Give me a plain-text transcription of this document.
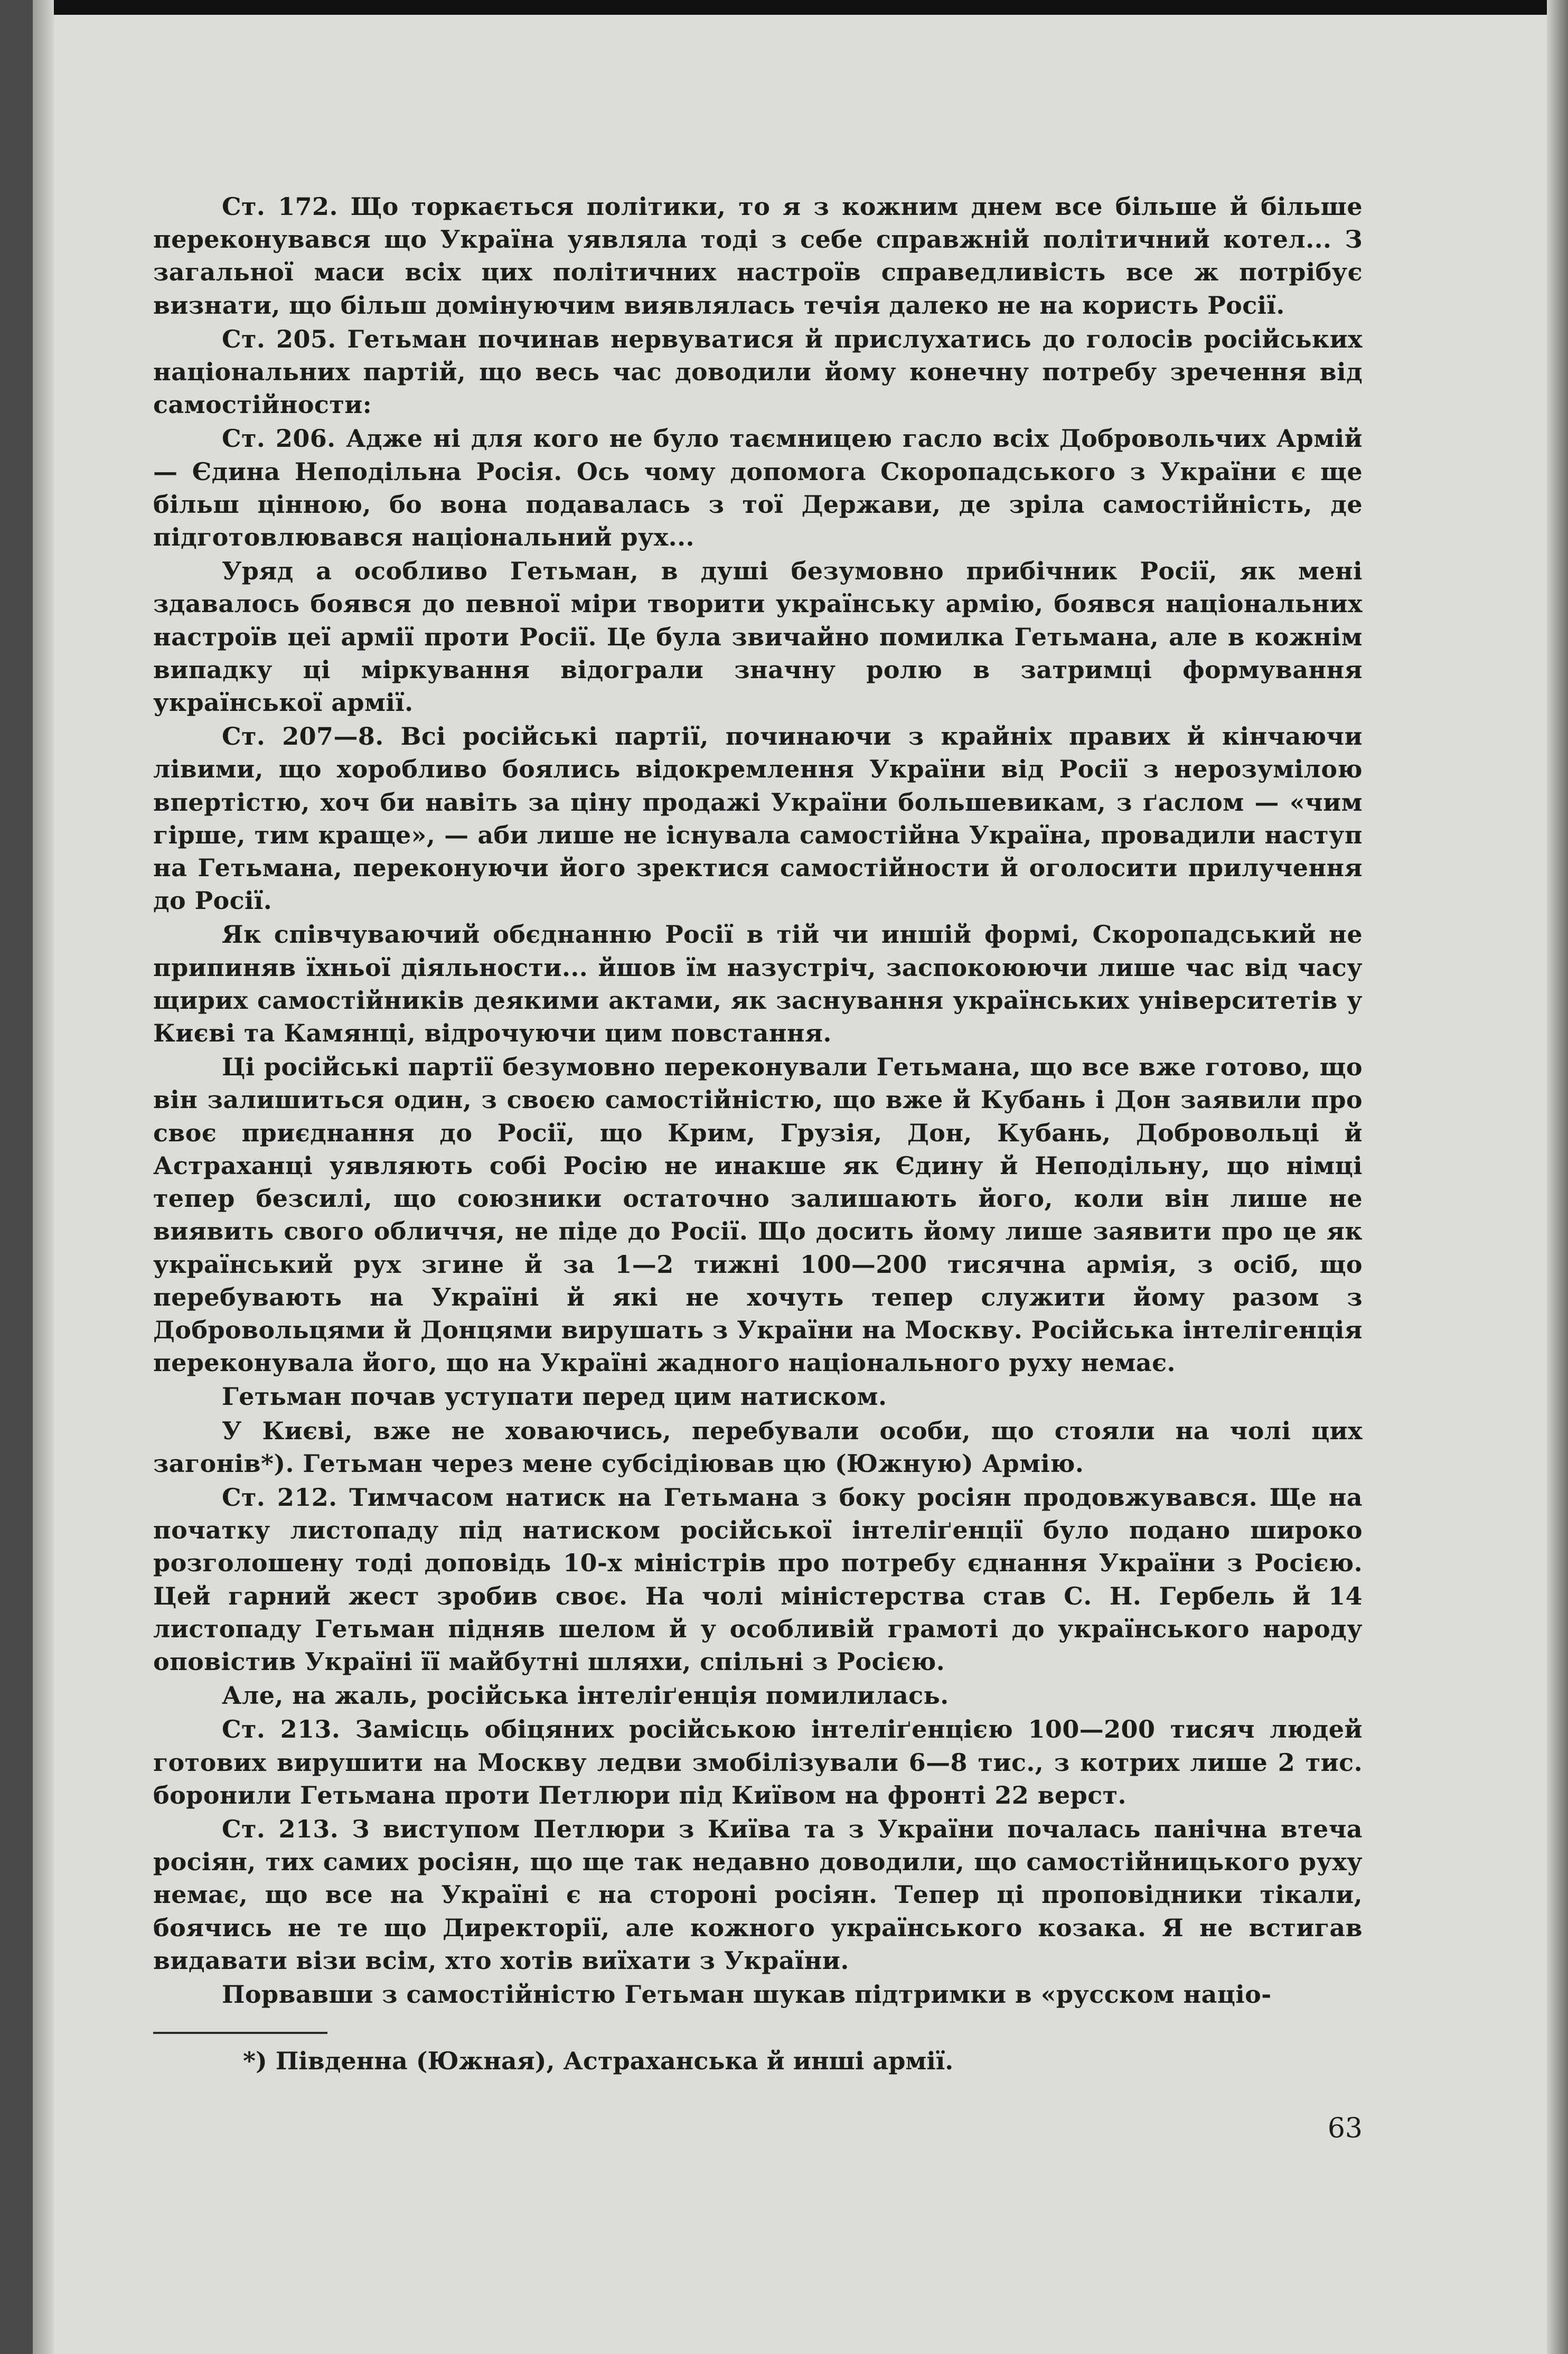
Ст. 172. Що торкається політики, то я з кожним днем все більше й більше переконувався що Україна уявляла тоді з себе справжній політичний котел... З загальної маси всіх цих політичних настроїв справедливість все ж потрібує визнати, що більш домінуючим виявлялась течія далеко не на користь Росії.

Ст. 205. Гетьман починав нервуватися й прислухатись до голосів російських національних партій, що весь час доводили йому конечну потребу зречення від самостійности:

Ст. 206. Адже ні для кого не було таємницею гасло всіх Добровольчих Армій — Єдина Неподільна Росія. Ось чому допомога Скоропадського з України є ще більш цінною, бо вона подавалась з тої Держави, де зріла самостійність, де підготовлювався національний рух...

Уряд а особливо Гетьман, в душі безумовно прибічник Росії, як мені здавалось боявся до певної міри творити українську армію, боявся національних настроїв цеї армії проти Росії. Це була звичайно помилка Гетьмана, але в кожнім випадку ці міркування відограли значну ролю в затримці формування української армії.

Ст. 207—8. Всі російські партії, починаючи з крайніх правих й кінчаючи лівими, що хоробливо боялись відокремлення України від Росії з нерозумілою впертістю, хоч би навіть за ціну продажі України большевикам, з ґаслом — «чим гірше, тим краще», — аби лише не існувала самостійна Україна, провадили наступ на Гетьмана, переконуючи його зректися самостійности й оголосити прилучення до Росії.

Як співчуваючий обєднанню Росії в тій чи иншій формі, Скоропадський не припиняв їхньої діяльности... йшов їм назустріч, заспокоюючи лише час від часу щирих самостійників деякими актами, як заснування українських університетів у Києві та Камянці, відрочуючи цим повстання.

Ці російські партії безумовно переконували Гетьмана, що все вже готово, що він залишиться один, з своєю самостійністю, що вже й Кубань і Дон заявили про своє приєднання до Росії, що Крим, Грузія, Дон, Кубань, Добровольці й Астраханці уявляють собі Росію не инакше як Єдину й Неподільну, що німці тепер безсилі, що союзники остаточно залишають його, коли він лише не виявить свого обличчя, не піде до Росії. Що досить йому лише заявити про це як український рух згине й за 1—2 тижні 100—200 тисячна армія, з осіб, що перебувають на Україні й які не хочуть тепер служити йому разом з Добровольцями й Донцями вирушать з України на Москву. Російська інтелігенція переконувала його, що на Україні жадного національного руху немає.

Гетьман почав уступати перед цим натиском.

У Києві, вже не ховаючись, перебували особи, що стояли на чолі цих загонів*). Гетьман через мене субсідіював цю (Южную) Армію.

Ст. 212. Тимчасом натиск на Гетьмана з боку росіян продовжувався. Ще на початку листопаду під натиском російської інтеліґенції було подано широко розголошену тоді доповідь 10-х міністрів про потребу єднання України з Росією. Цей гарний жест зробив своє. На чолі міністерства став С. Н. Гербель й 14 листопаду Гетьман підняв шелом й у особливій грамоті до українського народу оповістив Україні її майбутні шляхи, спільні з Росією.

Але, на жаль, російська інтеліґенція помилилась.

Ст. 213. Замісць обіцяних російською інтеліґенцією 100—200 тисяч людей готових вирушити на Москву ледви змобілізували 6—8 тис., з котрих лише 2 тис. боронили Гетьмана проти Петлюри під Київом на фронті 22 верст.

Ст. 213. З виступом Петлюри з Київа та з України почалась панічна втеча росіян, тих самих росіян, що ще так недавно доводили, що самостійницького руху немає, що все на Україні є на стороні росіян. Тепер ці проповідники тікали, боячись не те що Директорії, але кожного українського козака. Я не встигав видавати візи всім, хто хотів виїхати з України.

Порвавши з самостійністю Гетьман шукав підтримки в «русском націо-

*) Південна (Южная), Астраханська й инші армії.

63
